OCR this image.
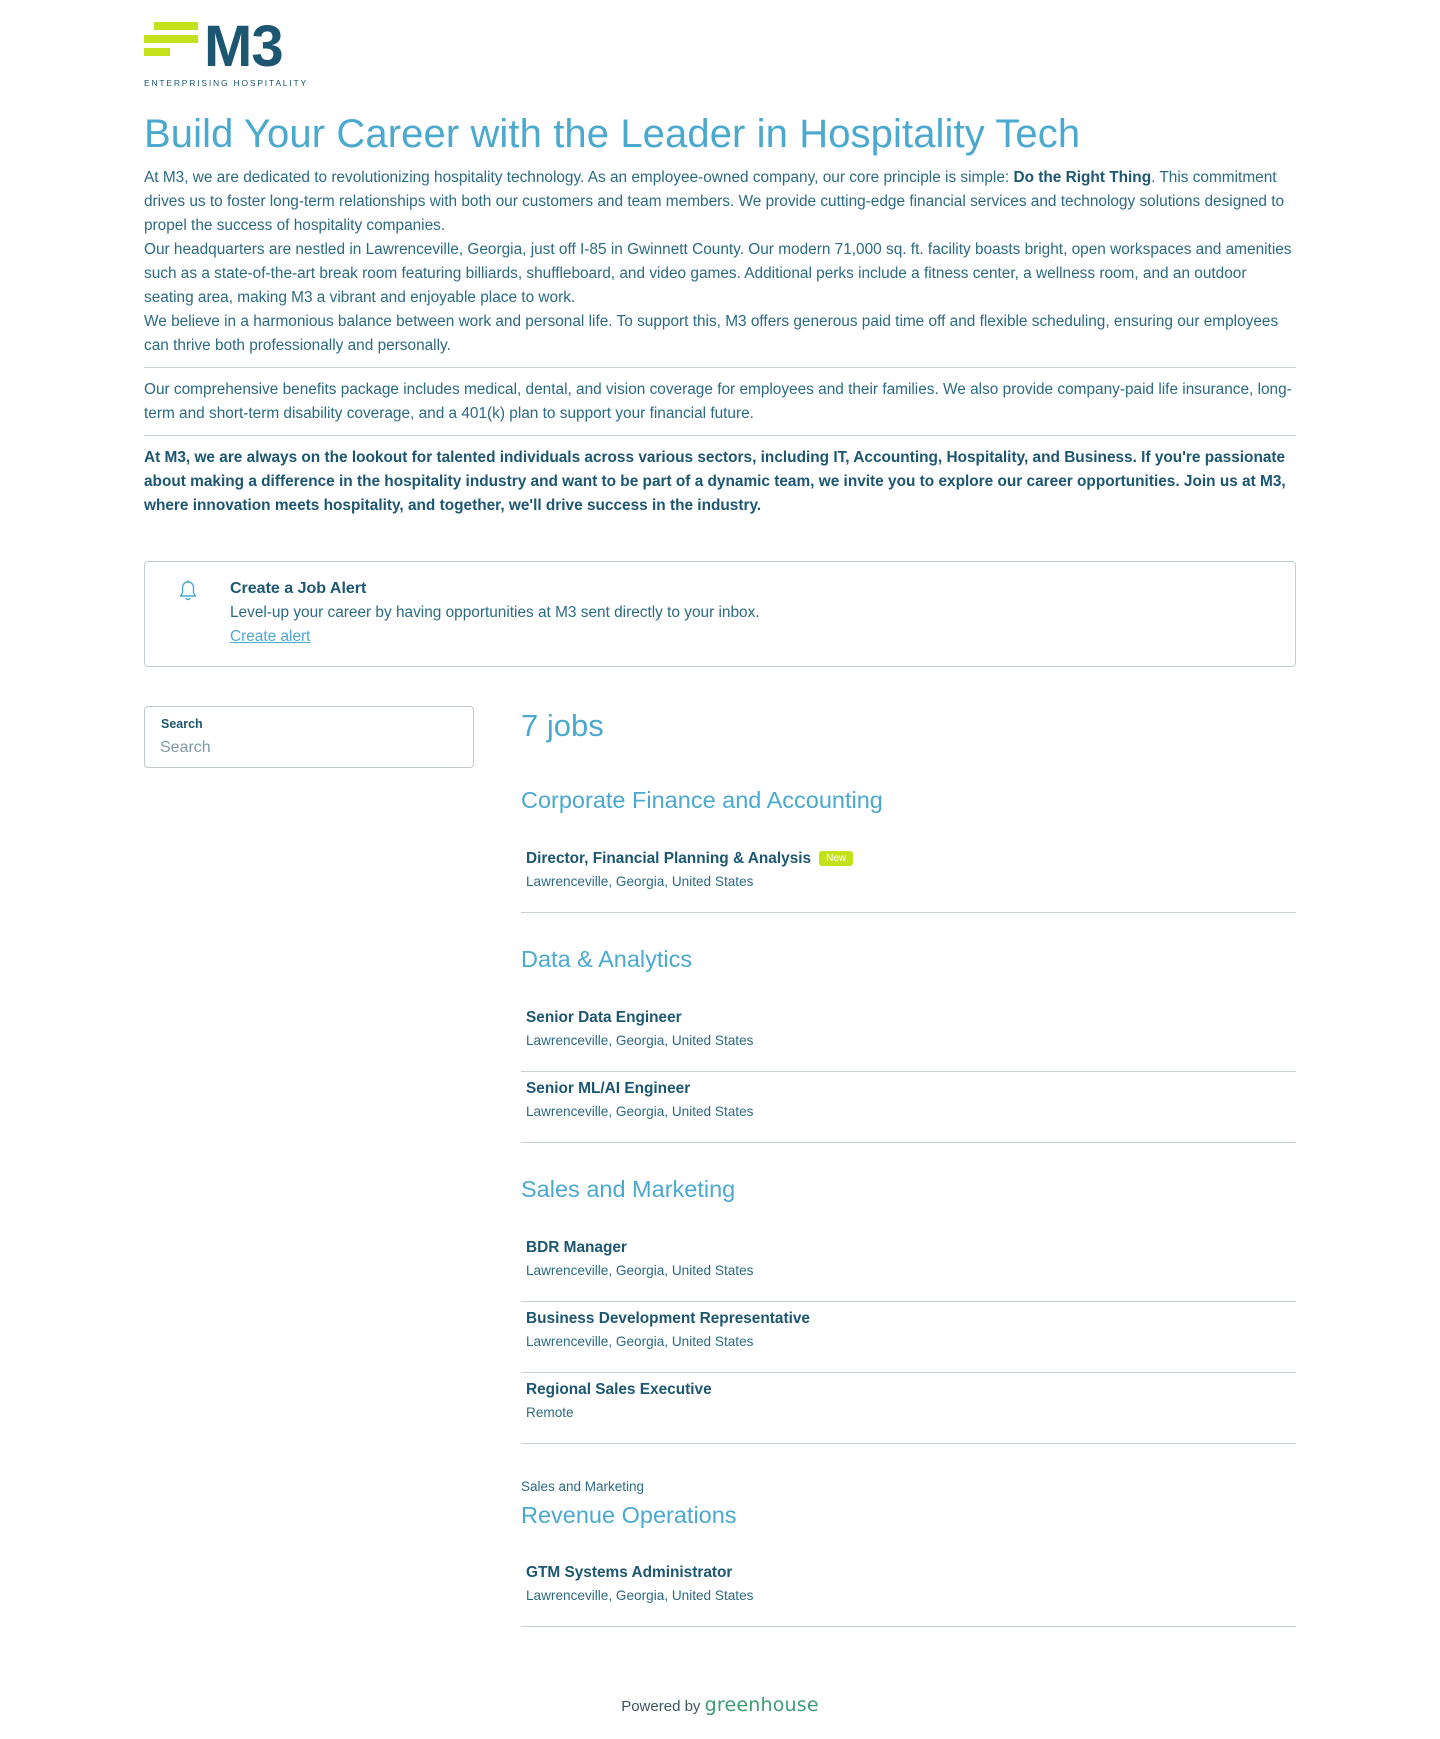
M3
ENTERPRISING HOSPITALITY
Build Your Career with the Leader in Hospitality Tech

At M3, we are dedicated to revolutionizing hospitality technology. As an employee-owned company, our core principle is simple: Do the Right Thing. This commitment drives us to foster long-term relationships with both our customers and team members. We provide cutting-edge financial services and technology solutions designed to propel the success of hospitality companies.

Our headquarters are nestled in Lawrenceville, Georgia, just off I-85 in Gwinnett County. Our modern 71,000 sq. ft. facility boasts bright, open workspaces and amenities such as a state-of-the-art break room featuring billiards, shuffleboard, and video games. Additional perks include a fitness center, a wellness room, and an outdoor seating area, making M3 a vibrant and enjoyable place to work.

We believe in a harmonious balance between work and personal life. To support this, M3 offers generous paid time off and flexible scheduling, ensuring our employees can thrive both professionally and personally.

Our comprehensive benefits package includes medical, dental, and vision coverage for employees and their families. We also provide company-paid life insurance, long-term and short-term disability coverage, and a 401(k) plan to support your financial future.

At M3, we are always on the lookout for talented individuals across various sectors, including IT, Accounting, Hospitality, and Business. If you're passionate about making a difference in the hospitality industry and want to be part of a dynamic team, we invite you to explore our career opportunities. Join us at M3, where innovation meets hospitality, and together, we'll drive success in the industry.

Create a Job Alert
Level-up your career by having opportunities at M3 sent directly to your inbox.
Create alert
Search
Search	7 jobs
Corporate Finance and Accounting
Director, Financial Planning & Analysis New
Lawrenceville, Georgia, United States
Data & Analytics
Senior Data Engineer
Lawrenceville, Georgia, United States
Senior ML/AI Engineer
Lawrenceville, Georgia, United States
Sales and Marketing
BDR Manager
Lawrenceville, Georgia, United States
Business Development Representative
Lawrenceville, Georgia, United States
Regional Sales Executive
Remote
Sales and Marketing
Revenue Operations
GTM Systems Administrator
Lawrenceville, Georgia, United States
Powered by greenhouse
